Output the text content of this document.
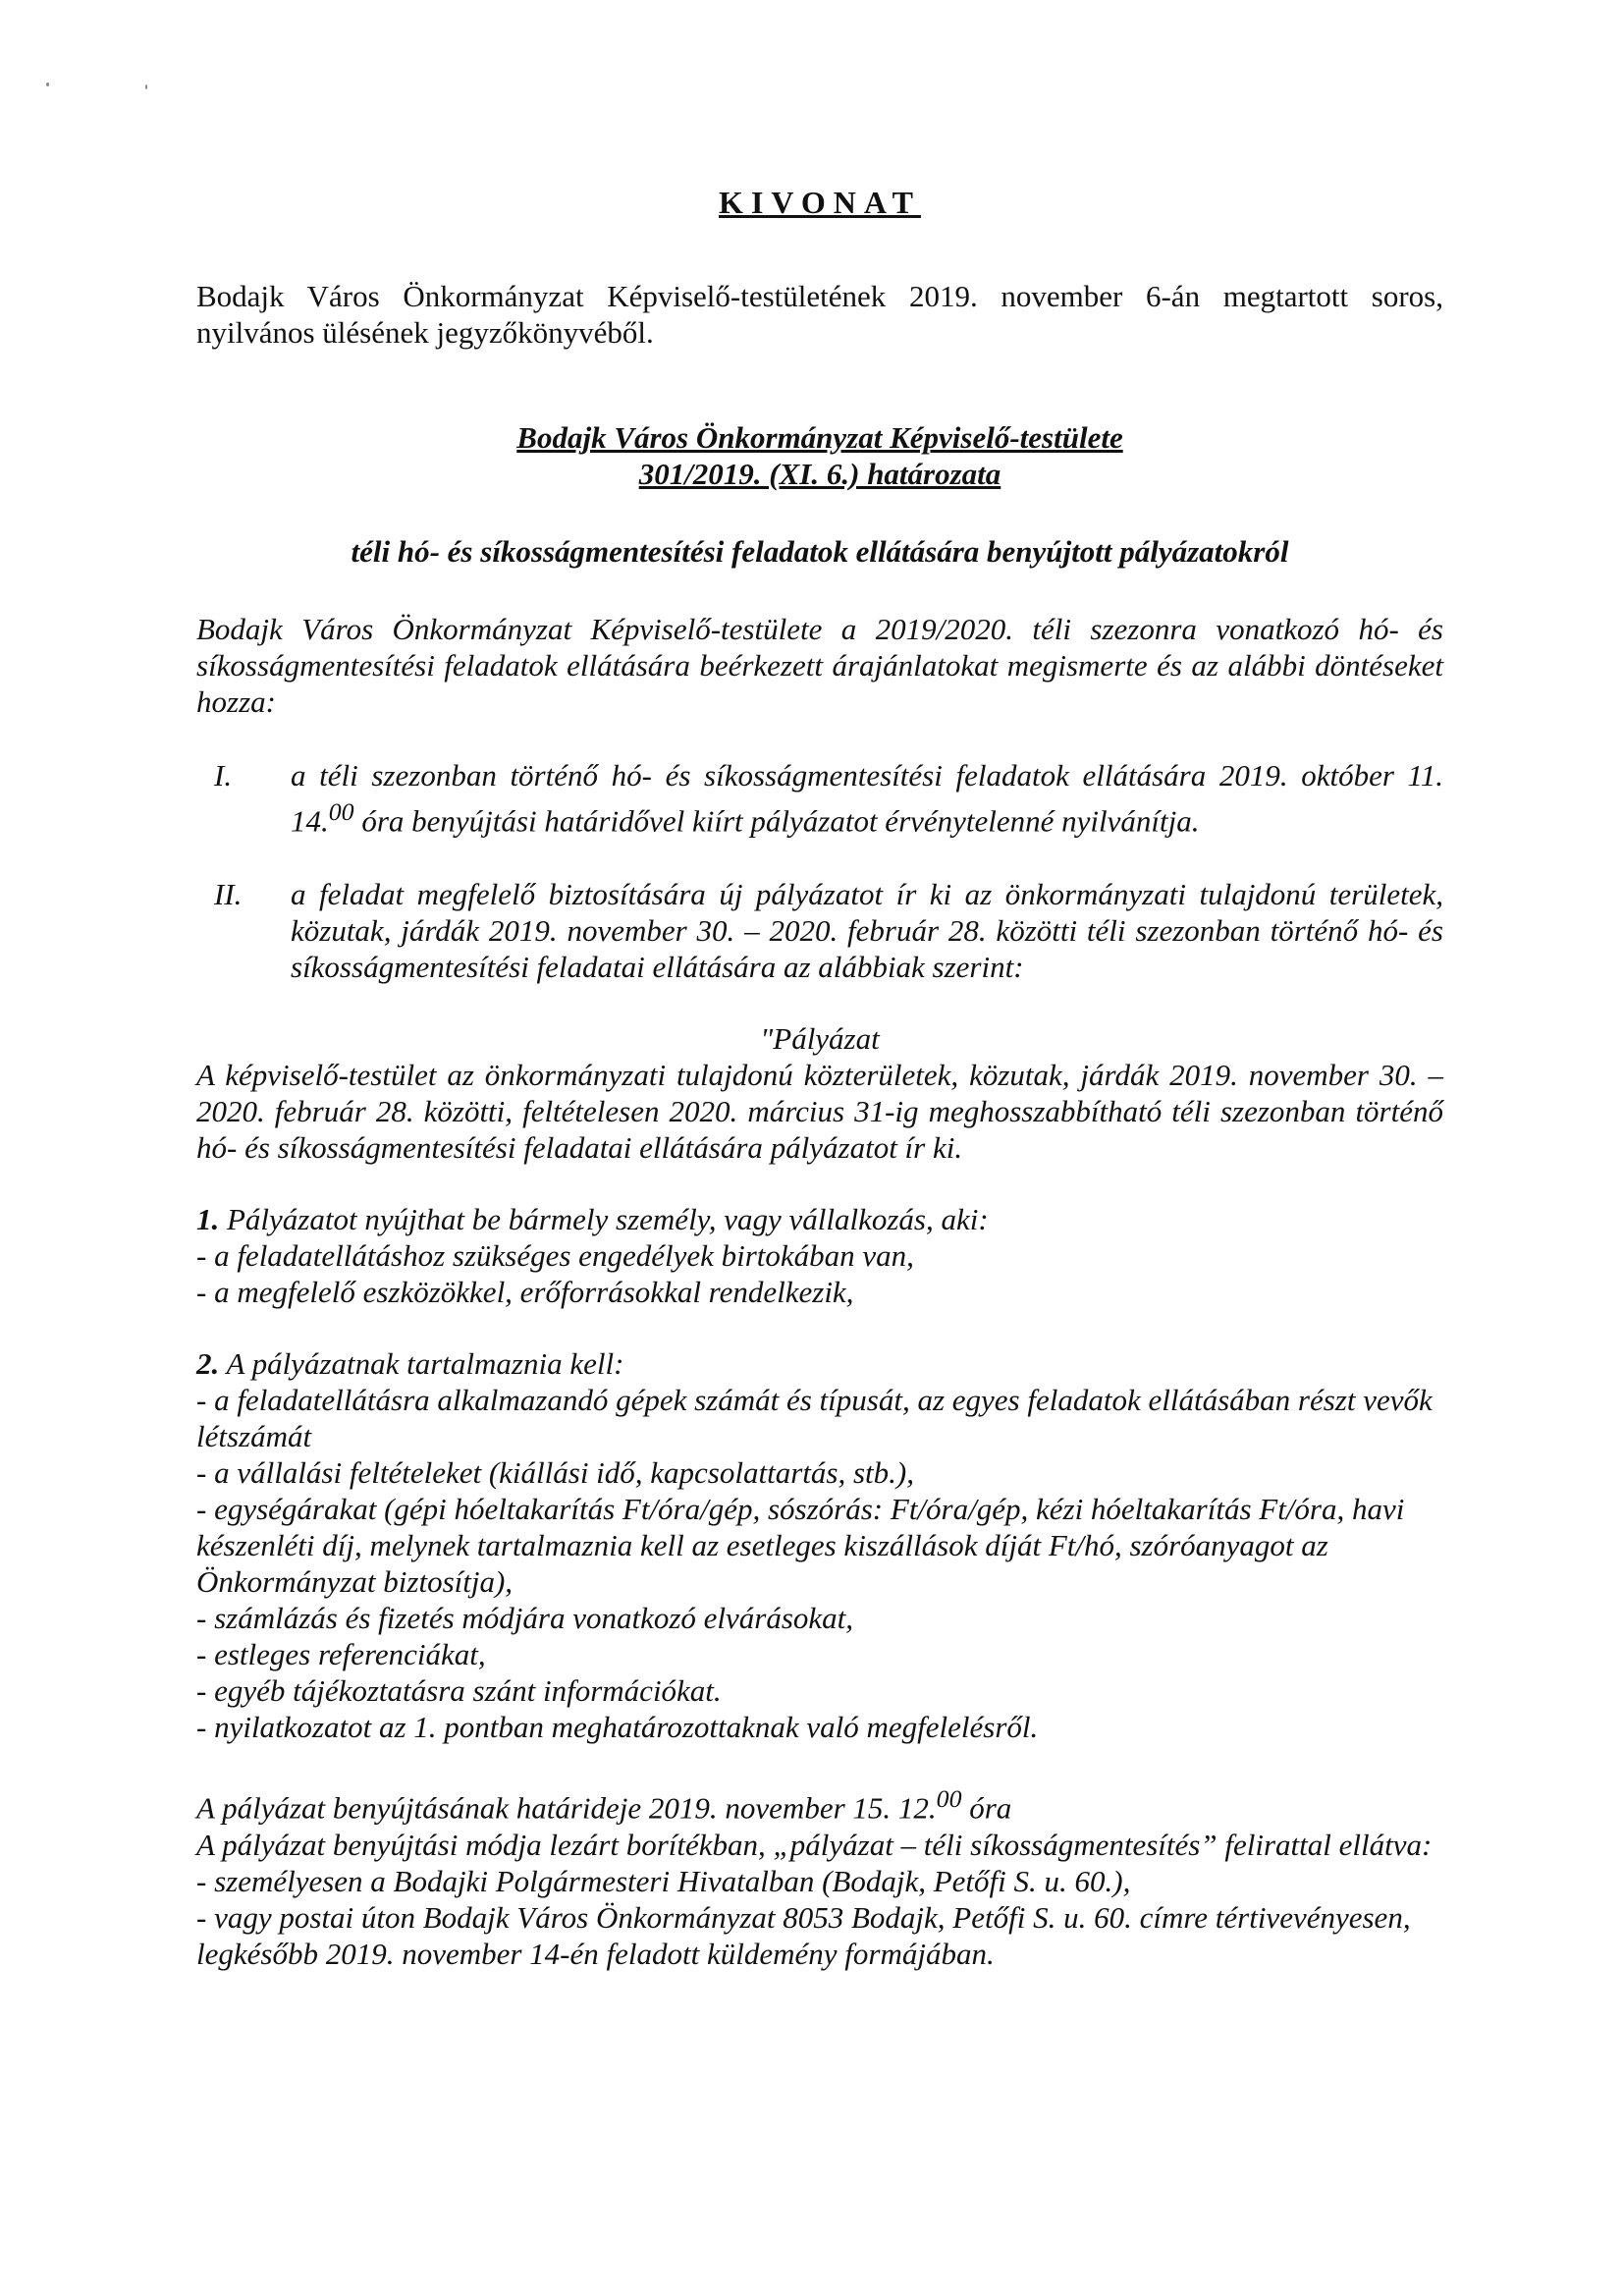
KIVONAT

Bodajk Város Önkormányzat Képviselő-testületének 2019. november 6-án megtartott soros, nyilvános ülésének jegyzőkönyvéből.

Bodajk Város Önkormányzat Képviselő-testülete
301/2019. (XI. 6.) határozata
téli hó- és síkosságmentesítési feladatok ellátására benyújtott pályázatokról

Bodajk Város Önkormányzat Képviselő-testülete a 2019/2020. téli szezonra vonatkozó hó- és síkosságmentesítési feladatok ellátására beérkezett árajánlatokat megismerte és az alábbi döntéseket hozza:

I.	a téli szezonban történő hó- és síkosságmentesítési feladatok ellátására 2019. október 11. 14.00 óra benyújtási határidővel kiírt pályázatot érvénytelenné nyilvánítja.
II.	a feladat megfelelő biztosítására új pályázatot ír ki az önkormányzati tulajdonú területek, közutak, járdák 2019. november 30. – 2020. február 28. közötti téli szezonban történő hó- és síkosságmentesítési feladatai ellátására az alábbiak szerint:
"Pályázat

A képviselő-testület az önkormányzati tulajdonú közterületek, közutak, járdák 2019. november 30. – 2020. február 28. közötti, feltételesen 2020. március 31-ig meghosszabbítható téli szezonban történő hó- és síkosságmentesítési feladatai ellátására pályázatot ír ki.

1. Pályázatot nyújthat be bármely személy, vagy vállalkozás, aki:
- a feladatellátáshoz szükséges engedélyek birtokában van,
- a megfelelő eszközökkel, erőforrásokkal rendelkezik,
2. A pályázatnak tartalmaznia kell:
- a feladatellátásra alkalmazandó gépek számát és típusát, az egyes feladatok ellátásában részt vevők létszámát
- a vállalási feltételeket (kiállási idő, kapcsolattartás, stb.),
- egységárakat (gépi hóeltakarítás Ft/óra/gép, sószórás: Ft/óra/gép, kézi hóeltakarítás Ft/óra, havi készenléti díj, melynek tartalmaznia kell az esetleges kiszállások díját Ft/hó, szóróanyagot az Önkormányzat biztosítja),
- számlázás és fizetés módjára vonatkozó elvárásokat,
- estleges referenciákat,
- egyéb tájékoztatásra szánt információkat.
- nyilatkozatot az 1. pontban meghatározottaknak való megfelelésről.
A pályázat benyújtásának határideje 2019. november 15. 12.00 óra
A pályázat benyújtási módja lezárt borítékban, „pályázat – téli síkosságmentesítés” felirattal ellátva:
- személyesen a Bodajki Polgármesteri Hivatalban (Bodajk, Petőfi S. u. 60.),
- vagy postai úton Bodajk Város Önkormányzat 8053 Bodajk, Petőfi S. u. 60. címre tértivevényesen, legkésőbb 2019. november 14-én feladott küldemény formájában.
